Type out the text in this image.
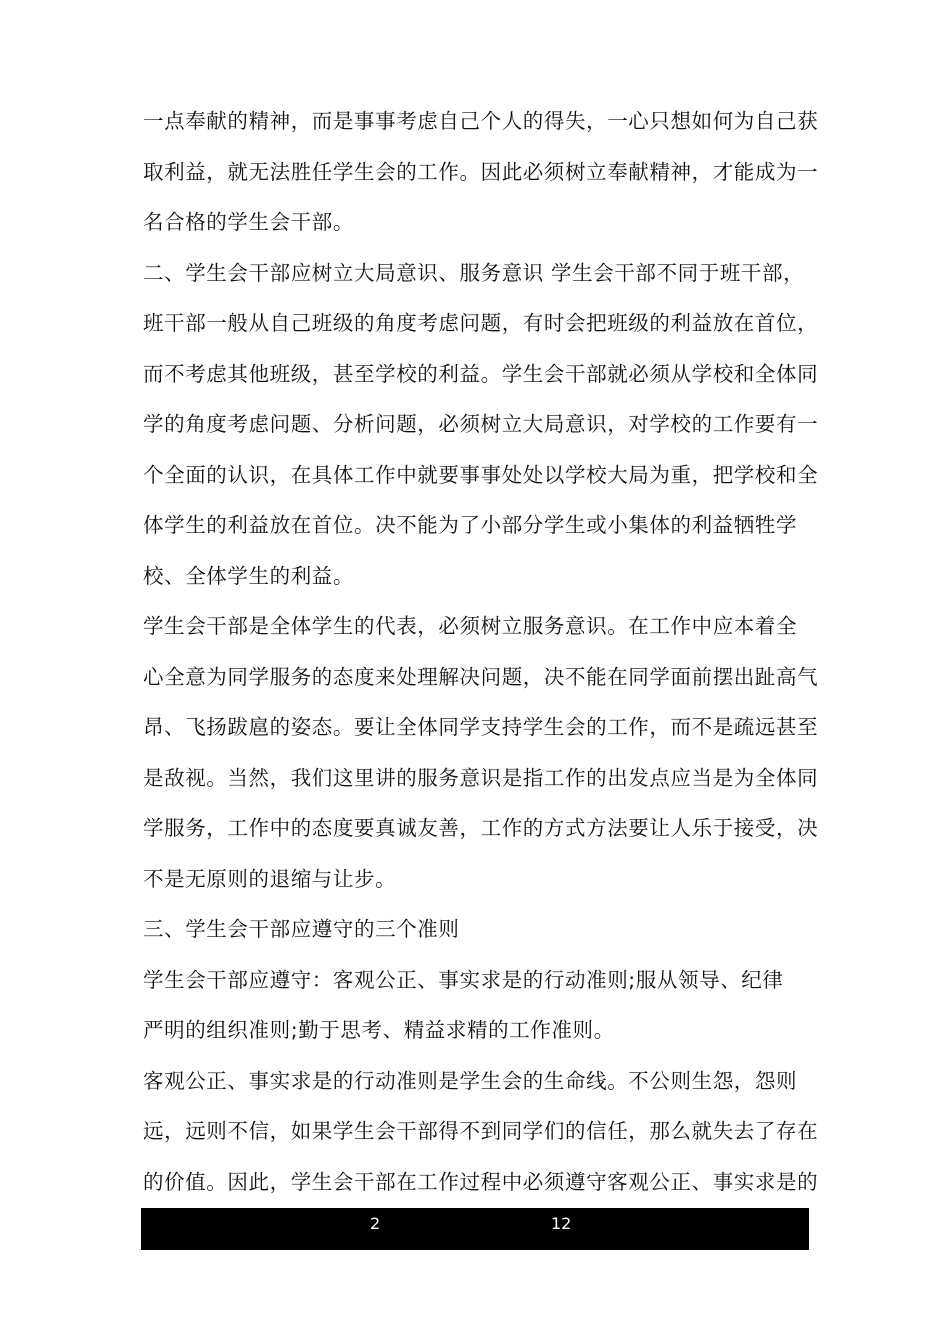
一点奉献的精神，而是事事考虑自己个人的得失，一心只想如何为自己获
取利益，就无法胜任学生会的工作。因此必须树立奉献精神，才能成为一
名合格的学生会干部。
二、学生会干部应树立大局意识、服务意识 学生会干部不同于班干部，
班干部一般从自己班级的角度考虑问题，有时会把班级的利益放在首位，
而不考虑其他班级，甚至学校的利益。学生会干部就必须从学校和全体同
学的角度考虑问题、分析问题，必须树立大局意识，对学校的工作要有一
个全面的认识，在具体工作中就要事事处处以学校大局为重，把学校和全
体学生的利益放在首位。决不能为了小部分学生或小集体的利益牺牲学
校、全体学生的利益。
学生会干部是全体学生的代表，必须树立服务意识。在工作中应本着全
心全意为同学服务的态度来处理解决问题，决不能在同学面前摆出趾高气
昂、飞扬跋扈的姿态。要让全体同学支持学生会的工作，而不是疏远甚至
是敌视。当然，我们这里讲的服务意识是指工作的出发点应当是为全体同
学服务，工作中的态度要真诚友善，工作的方式方法要让人乐于接受，决
不是无原则的退缩与让步。
三、学生会干部应遵守的三个准则
学生会干部应遵守：客观公正、事实求是的行动准则;服从领导、纪律
严明的组织准则;勤于思考、精益求精的工作准则。
客观公正、事实求是的行动准则是学生会的生命线。不公则生怨，怨则
远，远则不信，如果学生会干部得不到同学们的信任，那么就失去了存在
的价值。因此，学生会干部在工作过程中必须遵守客观公正、事实求是的
2	12
